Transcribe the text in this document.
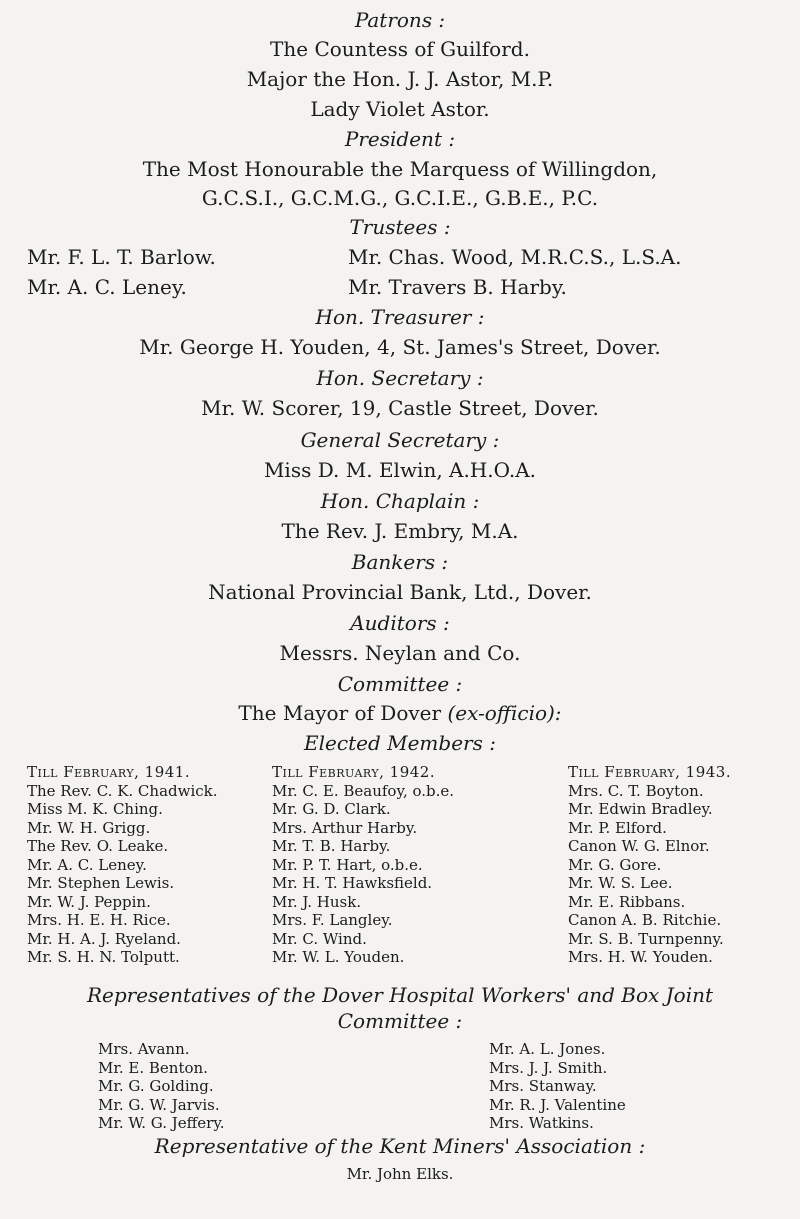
Patrons :
The Countess of Guilford.
Major the Hon. J. J. Astor, M.P.
Lady Violet Astor.
President :
The Most Honourable the Marquess of Willingdon,
G.C.S.I., G.C.M.G., G.C.I.E., G.B.E., P.C.
Trustees :
Mr. F. L. T. Barlow.
Mr. A. C. Leney.
Mr. Chas. Wood, M.R.C.S., L.S.A.
Mr. Travers B. Harby.
Hon. Treasurer :
Mr. George H. Youden, 4, St. James's Street, Dover.
Hon. Secretary :
Mr. W. Scorer, 19, Castle Street, Dover.
General Secretary :
Miss D. M. Elwin, A.H.O.A.
Hon. Chaplain :
The Rev. J. Embry, M.A.
Bankers :
National Provincial Bank, Ltd., Dover.
Auditors :
Messrs. Neylan and Co.
Committee :
The Mayor of Dover (ex-officio):
Elected Members :
Till February, 1941.
The Rev. C. K. Chadwick.
Miss M. K. Ching.
Mr. W. H. Grigg.
The Rev. O. Leake.
Mr. A. C. Leney.
Mr. Stephen Lewis.
Mr. W. J. Peppin.
Mrs. H. E. H. Rice.
Mr. H. A. J. Ryeland.
Mr. S. H. N. Tolputt.
Till February, 1942.
Mr. C. E. Beaufoy, o.b.e.
Mr. G. D. Clark.
Mrs. Arthur Harby.
Mr. T. B. Harby.
Mr. P. T. Hart, o.b.e.
Mr. H. T. Hawksfield.
Mr. J. Husk.
Mrs. F. Langley.
Mr. C. Wind.
Mr. W. L. Youden.
Till February, 1943.
Mrs. C. T. Boyton.
Mr. Edwin Bradley.
Mr. P. Elford.
Canon W. G. Elnor.
Mr. G. Gore.
Mr. W. S. Lee.
Mr. E. Ribbans.
Canon A. B. Ritchie.
Mr. S. B. Turnpenny.
Mrs. H. W. Youden.
Representatives of the Dover Hospital Workers' and Box Joint
Committee :
Mrs. Avann.
Mr. E. Benton.
Mr. G. Golding.
Mr. G. W. Jarvis.
Mr. W. G. Jeffery.
Mr. A. L. Jones.
Mrs. J. J. Smith.
Mrs. Stanway.
Mr. R. J. Valentine
Mrs. Watkins.
Representative of the Kent Miners' Association :
Mr. John Elks.
